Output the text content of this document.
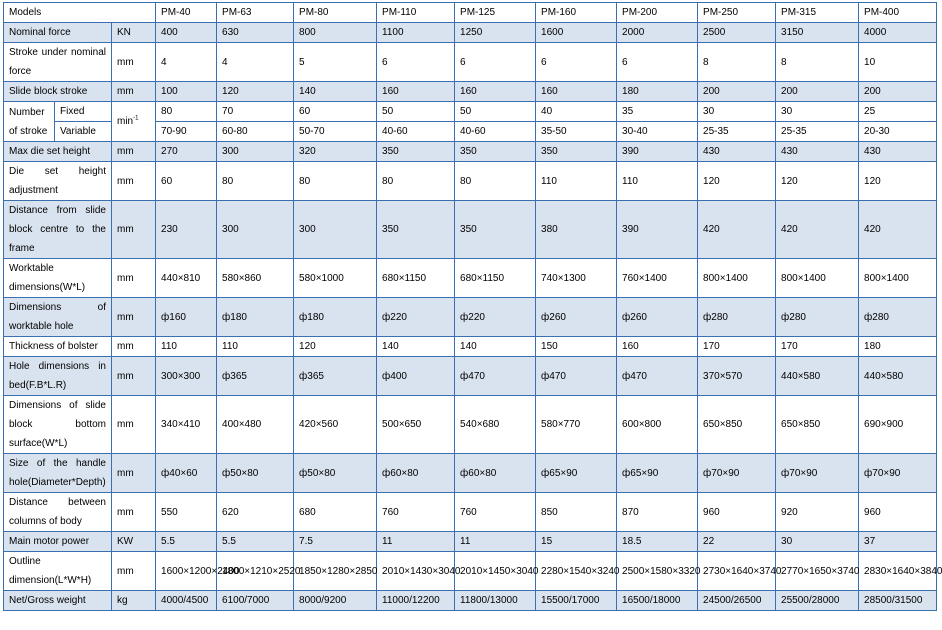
Models			PM-40	PM-63	PM-80	PM-110	PM-125	PM-160	PM-200	PM-250	PM-315	PM-400
Nominal force		KN	400	630	800	1100	1250	1600	2000	2500	3150	4000
Stroke under nominal force		mm	4	4	5	6	6	6	6	8	8	10
Slide block stroke		mm	100	120	140	160	160	160	180	200	200	200
Number of stroke	Fixed	$\min^{-1}$	80	70	60	50	50	40	35	30	30	25
	Variable		70-90	60-80	50-70	40-60	40-60	35-50	30-40	25-35	25-35	20-30
Max die set height		mm	270	300	320	350	350	350	390	430	430	430
Die set height adjustment		mm	60	80	80	80	80	110	110	120	120	120
Distance from slide block centre to the frame		mm	230	300	300	350	350	380	390	420	420	420
Worktable dimensions(W*L)		mm	440×810	580×860	580×1000	680×1150	680×1150	740×1300	760×1400	800×1400	800×1400	800×1400
Dimensions of worktable hole		mm	ф160	ф180	ф180	ф220	ф220	ф260	ф260	ф280	ф280	ф280
Thickness of bolster		mm	110	110	120	140	140	150	160	170	170	180
Hole dimensions in bed(F.B*L.R)		mm	300×300	ф365	ф365	ф400	ф470	ф470	ф470	370×570	440×580	440×580
Dimensions of slide block bottom surface(W*L)		mm	340×410	400×480	420×560	500×650	540×680	580×770	600×800	650×850	650×850	690×900
Size of the handle hole(Diameter*Depth)		mm	ф40×60	ф50×80	ф50×80	ф60×80	ф60×80	ф65×90	ф65×90	ф70×90	ф70×90	ф70×90
Distance between columns of body		mm	550	620	680	760	760	850	870	960	920	960
Main motor power		KW	5.5	5.5	7.5	11	11	15	18.5	22	30	37
Outline dimension(L*W*H)		mm	1600×1200×2400	1800×1210×2520	1850×1280×2850	2010×1430×3040	2010×1450×3040	2280×1540×3240	2500×1580×3320	2730×1640×3740	2770×1650×3740	2830×1640×3840
Net/Gross weight		kg	4000/4500	6100/7000	8000/9200	11000/12200	11800/13000	15500/17000	16500/18000	24500/26500	25500/28000	28500/31500
